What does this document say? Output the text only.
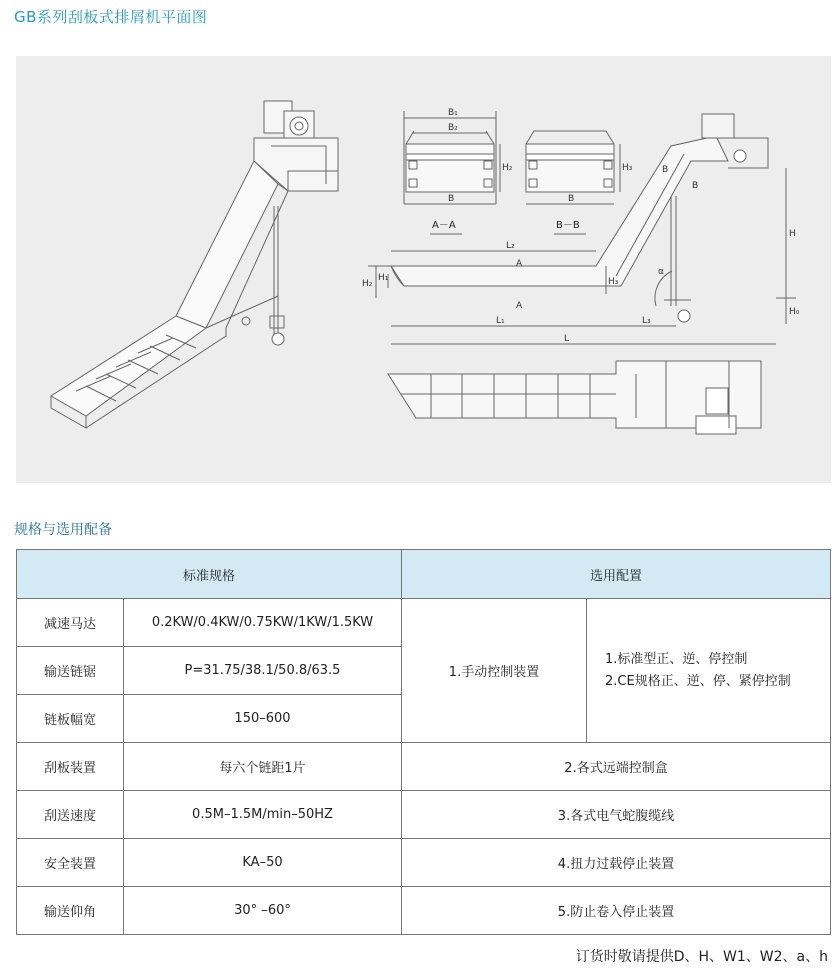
GB系列刮板式排屑机平面图
B₁
B₂
B
H₂
A－A
B
H₃
B－B
L₂
L₁	L₃
L
H
H₀
H₁
H₂	H₃
α
A
A
B
B
规格与选用配备
标准规格		选用配置	
减速马达	0.2KW/0.4KW/0.75KW/1KW/1.5KW	1.手动控制装置	1.标准型正、逆、停控制
2.CE规格正、逆、停、紧停控制

输送链锯	P=31.75/38.1/50.8/63.5		
链板幅宽	150–600		
刮板装置	每六个链距1片	2.各式远端控制盒	
刮送速度	0.5M–1.5M/min–50HZ	3.各式电气蛇腹缆线	
安全装置	KA–50	4.扭力过载停止装置	
输送仰角	30° –60°	5.防止卷入停止装置	
订货时敬请提供D、H、W1、W2、a、h
